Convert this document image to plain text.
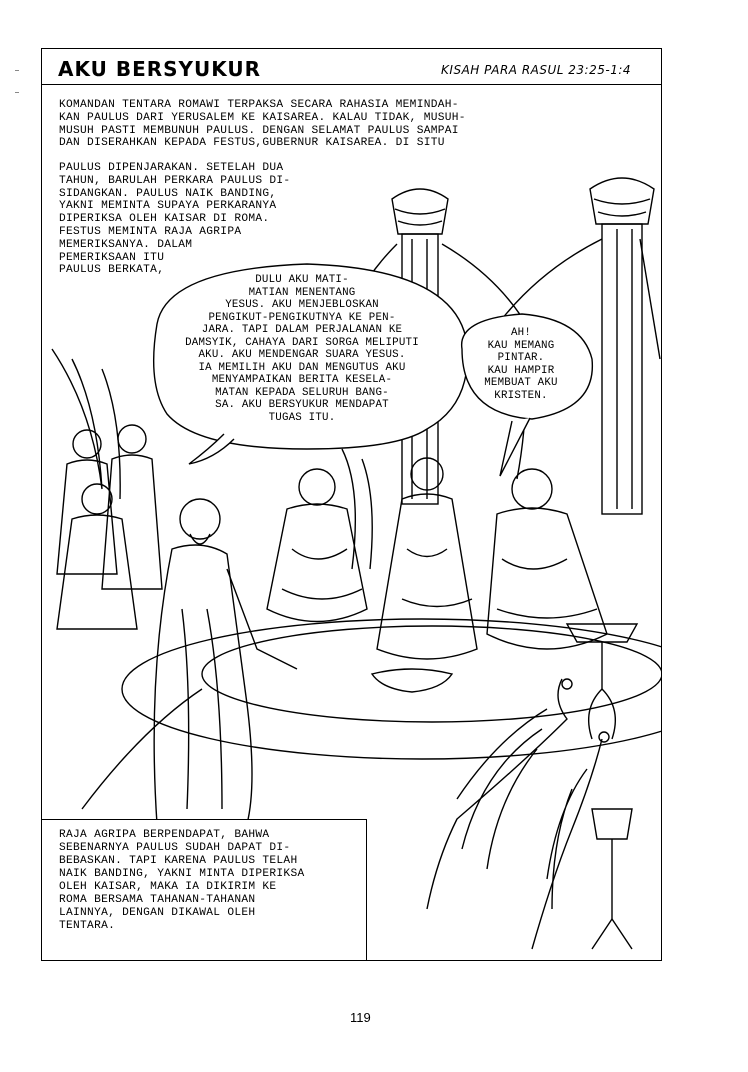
AKU BERSYUKUR	KISAH PARA RASUL 23:25-1:4
KOMANDAN TENTARA ROMAWI TERPAKSA SECARA RAHASIA MEMINDAH-
KAN PAULUS DARI YERUSALEM KE KAISAREA. KALAU TIDAK, MUSUH-
MUSUH PASTI MEMBUNUH PAULUS. DENGAN SELAMAT PAULUS SAMPAI
DAN DISERAHKAN KEPADA FESTUS,GUBERNUR KAISAREA. DI SITU
PAULUS DIPENJARAKAN. SETELAH DUA
TAHUN, BARULAH PERKARA PAULUS DI-
SIDANGKAN. PAULUS NAIK BANDING,
YAKNI MEMINTA SUPAYA PERKARANYA
DIPERIKSA OLEH KAISAR DI ROMA.
FESTUS MEMINTA RAJA AGRIPA
MEMERIKSANYA. DALAM
PEMERIKSAAN ITU
PAULUS BERKATA,
DULU AKU MATI-
MATIAN MENENTANG
YESUS. AKU MENJEBLOSKAN
PENGIKUT-PENGIKUTNYA KE PEN-
JARA. TAPI DALAM PERJALANAN KE
DAMSYIK, CAHAYA DARI SORGA MELIPUTI
AKU. AKU MENDENGAR SUARA YESUS.
IA MEMILIH AKU DAN MENGUTUS AKU
MENYAMPAIKAN BERITA KESELA-
MATAN KEPADA SELURUH BANG-
SA. AKU BERSYUKUR MENDAPAT
TUGAS ITU.
AH!
KAU MEMANG
PINTAR.
KAU HAMPIR
MEMBUAT AKU
KRISTEN.
RAJA AGRIPA BERPENDAPAT, BAHWA
SEBENARNYA PAULUS SUDAH DAPAT DI-
BEBASKAN. TAPI KARENA PAULUS TELAH
NAIK BANDING, YAKNI MINTA DIPERIKSA
OLEH KAISAR, MAKA IA DIKIRIM KE
ROMA BERSAMA TAHANAN-TAHANAN
LAINNYA, DENGAN DIKAWAL OLEH
TENTARA.
119
